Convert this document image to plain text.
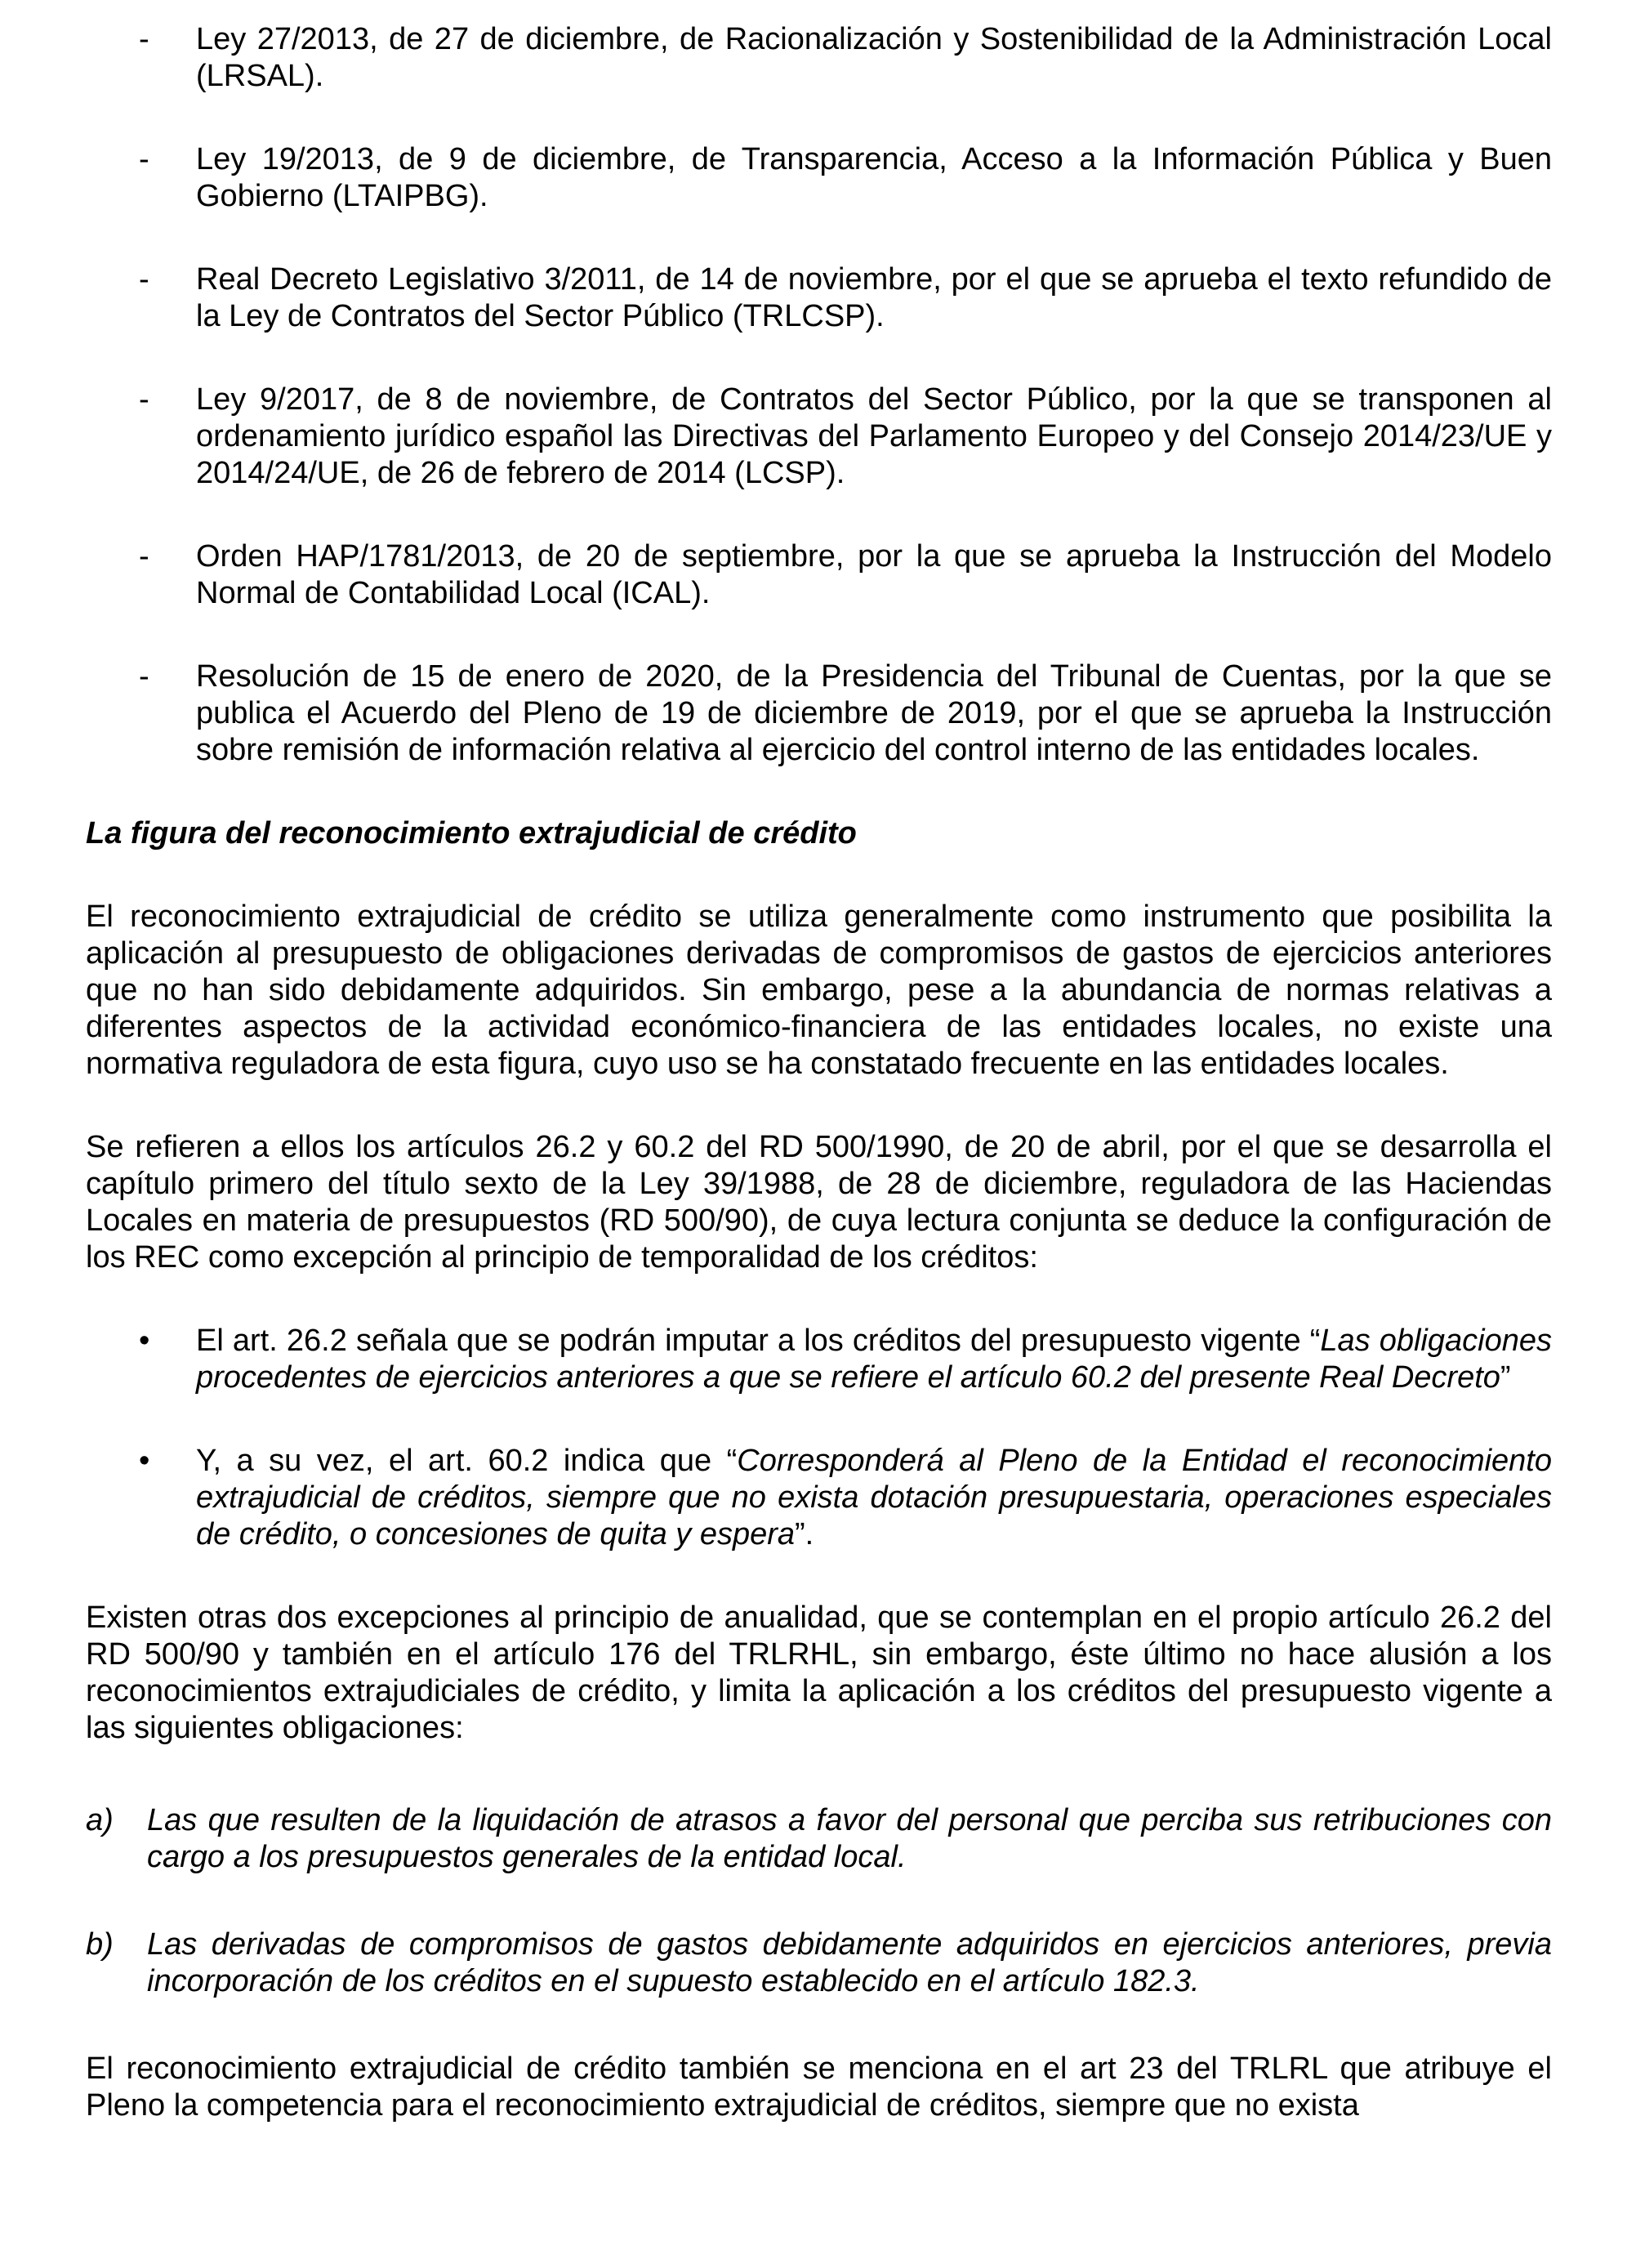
- Ley 27/2013, de 27 de diciembre, de Racionalización y Sostenibilidad de la Administración Local (LRSAL).
- Ley 19/2013, de 9 de diciembre, de Transparencia, Acceso a la Información Pública y Buen Gobierno (LTAIPBG).
- Real Decreto Legislativo 3/2011, de 14 de noviembre, por el que se aprueba el texto refundido de la Ley de Contratos del Sector Público (TRLCSP).
- Ley 9/2017, de 8 de noviembre, de Contratos del Sector Público, por la que se transponen al ordenamiento jurídico español las Directivas del Parlamento Europeo y del Consejo 2014/23/UE y 2014/24/UE, de 26 de febrero de 2014 (LCSP).
- Orden HAP/1781/2013, de 20 de septiembre, por la que se aprueba la Instrucción del Modelo Normal de Contabilidad Local (ICAL).
- Resolución de 15 de enero de 2020, de la Presidencia del Tribunal de Cuentas, por la que se publica el Acuerdo del Pleno de 19 de diciembre de 2019, por el que se aprueba la Instrucción sobre remisión de información relativa al ejercicio del control interno de las entidades locales.
La figura del reconocimiento extrajudicial de crédito

El reconocimiento extrajudicial de crédito se utiliza generalmente como instrumento que posibilita la aplicación al presupuesto de obligaciones derivadas de compromisos de gastos de ejercicios anteriores que no han sido debidamente adquiridos. Sin embargo, pese a la abundancia de normas relativas a diferentes aspectos de la actividad económico-financiera de las entidades locales, no existe una normativa reguladora de esta figura, cuyo uso se ha constatado frecuente en las entidades locales.

Se refieren a ellos los artículos 26.2 y 60.2 del RD 500/1990, de 20 de abril, por el que se desarrolla el capítulo primero del título sexto de la Ley 39/1988, de 28 de diciembre, reguladora de las Haciendas Locales en materia de presupuestos (RD 500/90), de cuya lectura conjunta se deduce la configuración de los REC como excepción al principio de temporalidad de los créditos:

• El art. 26.2 señala que se podrán imputar a los créditos del presupuesto vigente “Las obligaciones procedentes de ejercicios anteriores a que se refiere el artículo 60.2 del presente Real Decreto”
• Y, a su vez, el art. 60.2 indica que “Corresponderá al Pleno de la Entidad el reconocimiento extrajudicial de créditos, siempre que no exista dotación presupuestaria, operaciones especiales de crédito, o concesiones de quita y espera”.

Existen otras dos excepciones al principio de anualidad, que se contemplan en el propio artículo 26.2 del RD 500/90 y también en el artículo 176 del TRLRHL, sin embargo, éste último no hace alusión a los reconocimientos extrajudiciales de crédito, y limita la aplicación a los créditos del presupuesto vigente a las siguientes obligaciones:

a) Las que resulten de la liquidación de atrasos a favor del personal que perciba sus retribuciones con cargo a los presupuestos generales de la entidad local.
b) Las derivadas de compromisos de gastos debidamente adquiridos en ejercicios anteriores, previa incorporación de los créditos en el supuesto establecido en el artículo 182.3.

El reconocimiento extrajudicial de crédito también se menciona en el art 23 del TRLRL que atribuye el Pleno la competencia para el reconocimiento extrajudicial de créditos, siempre que no exista
